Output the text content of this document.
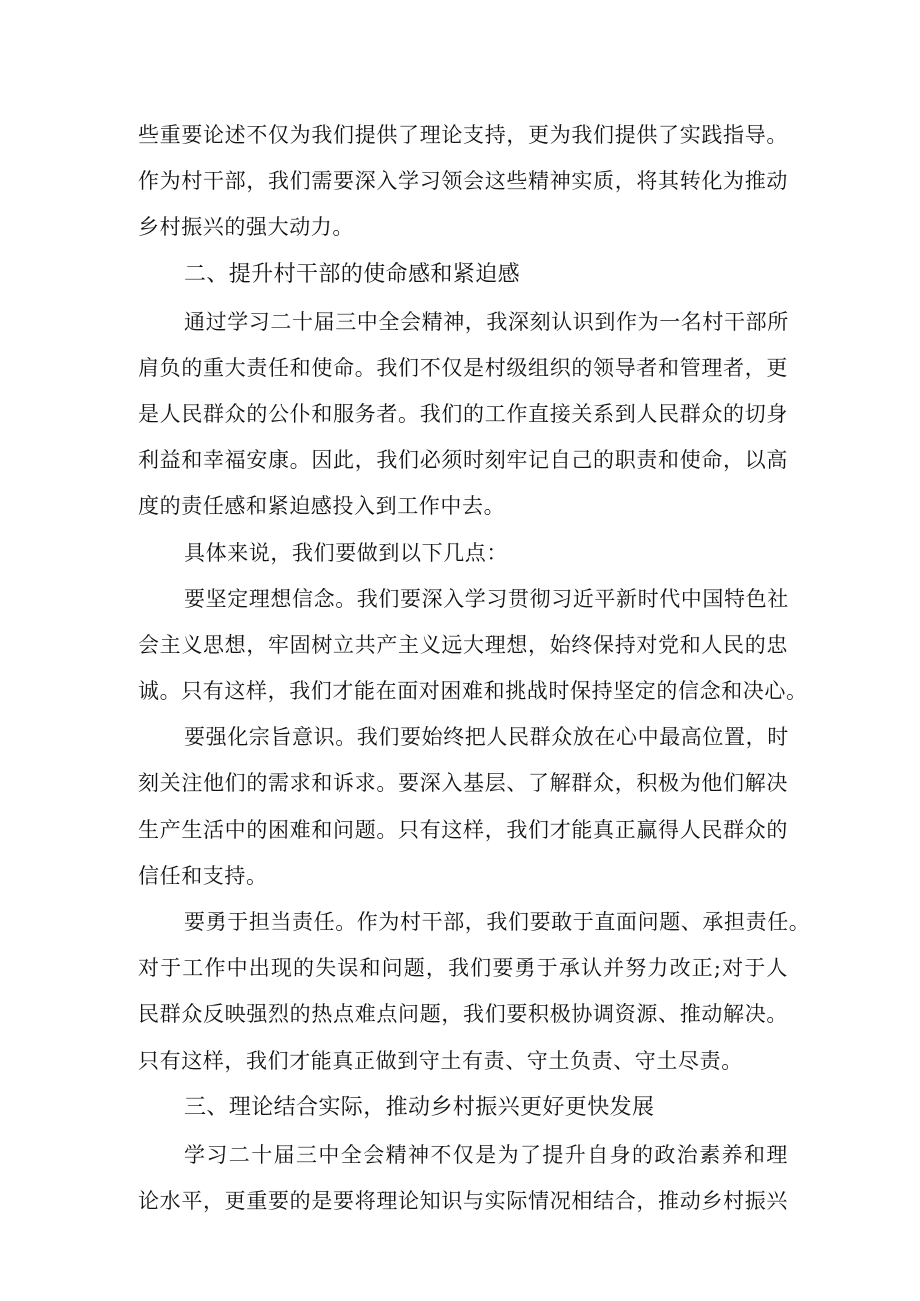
些重要论述不仅为我们提供了理论支持，更为我们提供了实践指导。
作为村干部，我们需要深入学习领会这些精神实质，将其转化为推动
乡村振兴的强大动力。
二、提升村干部的使命感和紧迫感
通过学习二十届三中全会精神，我深刻认识到作为一名村干部所
肩负的重大责任和使命。我们不仅是村级组织的领导者和管理者，更
是人民群众的公仆和服务者。我们的工作直接关系到人民群众的切身
利益和幸福安康。因此，我们必须时刻牢记自己的职责和使命，以高
度的责任感和紧迫感投入到工作中去。
具体来说，我们要做到以下几点：
要坚定理想信念。我们要深入学习贯彻习近平新时代中国特色社
会主义思想，牢固树立共产主义远大理想，始终保持对党和人民的忠
诚。只有这样，我们才能在面对困难和挑战时保持坚定的信念和决心。
要强化宗旨意识。我们要始终把人民群众放在心中最高位置，时
刻关注他们的需求和诉求。要深入基层、了解群众，积极为他们解决
生产生活中的困难和问题。只有这样，我们才能真正赢得人民群众的
信任和支持。
要勇于担当责任。作为村干部，我们要敢于直面问题、承担责任。
对于工作中出现的失误和问题，我们要勇于承认并努力改正;对于人
民群众反映强烈的热点难点问题，我们要积极协调资源、推动解决。
只有这样，我们才能真正做到守土有责、守土负责、守土尽责。
三、理论结合实际，推动乡村振兴更好更快发展
学习二十届三中全会精神不仅是为了提升自身的政治素养和理
论水平，更重要的是要将理论知识与实际情况相结合，推动乡村振兴
